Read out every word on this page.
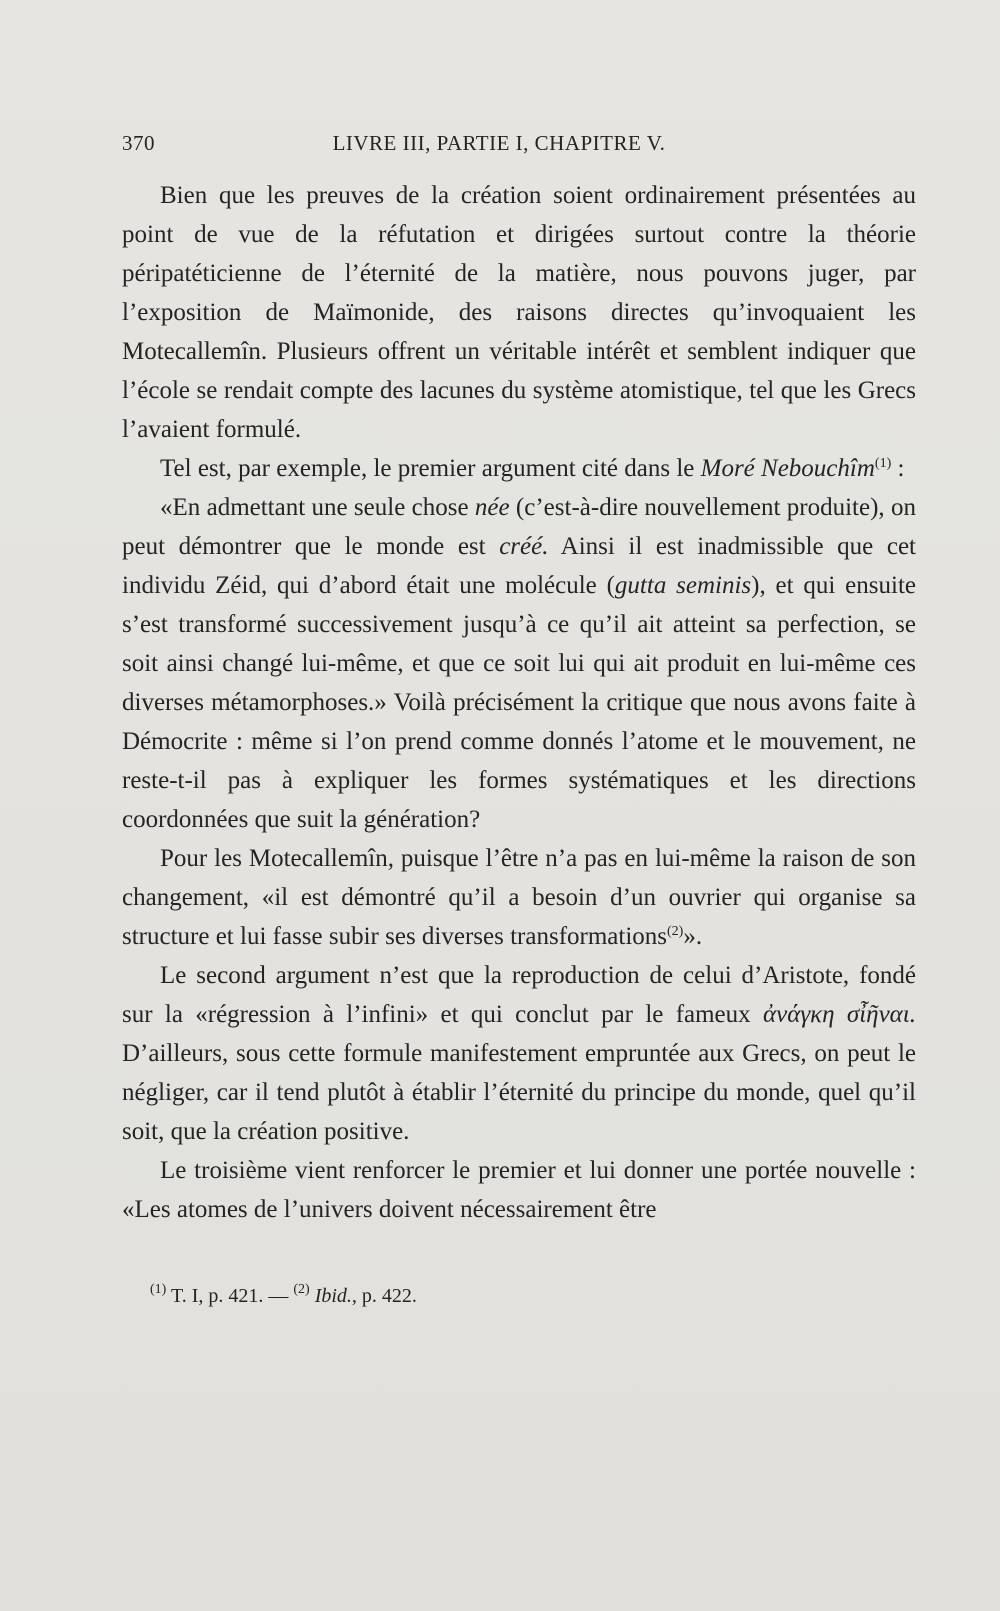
370	LIVRE III, PARTIE I, CHAPITRE V.

Bien que les preuves de la création soient ordinairement présentées au point de vue de la réfutation et dirigées surtout contre la théorie péripatéticienne de l’éternité de la matière, nous pouvons juger, par l’exposition de Maïmonide, des raisons directes qu’invoquaient les Motecallemîn. Plusieurs offrent un véritable intérêt et semblent indiquer que l’école se rendait compte des lacunes du système atomistique, tel que les Grecs l’avaient formulé.

Tel est, par exemple, le premier argument cité dans le Moré Nebouchîm$^{(1)}$ :

«En admettant une seule chose née (c’est-à-dire nouvellement produite), on peut démontrer que le monde est créé. Ainsi il est inadmissible que cet individu Zéid, qui d’abord était une molécule (gutta seminis), et qui ensuite s’est transformé successivement jusqu’à ce qu’il ait atteint sa perfection, se soit ainsi changé lui-même, et que ce soit lui qui ait produit en lui-même ces diverses métamorphoses.» Voilà précisément la critique que nous avons faite à Démocrite : même si l’on prend comme donnés l’atome et le mouvement, ne reste-t-il pas à expliquer les formes systématiques et les directions coordonnées que suit la génération?

Pour les Motecallemîn, puisque l’être n’a pas en lui-même la raison de son changement, «il est démontré qu’il a besoin d’un ouvrier qui organise sa structure et lui fasse subir ses diverses transformations$^{(2)}$».

Le second argument n’est que la reproduction de celui d’Aristote, fondé sur la «régression à l’infini» et qui conclut par le fameux ἀνάγκη σἶῆναι. D’ailleurs, sous cette formule manifestement empruntée aux Grecs, on peut le négliger, car il tend plutôt à établir l’éternité du principe du monde, quel qu’il soit, que la création positive.

Le troisième vient renforcer le premier et lui donner une portée nouvelle : «Les atomes de l’univers doivent nécessairement être

$^{(1)}$ T. I, p. 421. — $^{(2)}$ Ibid., p. 422.
